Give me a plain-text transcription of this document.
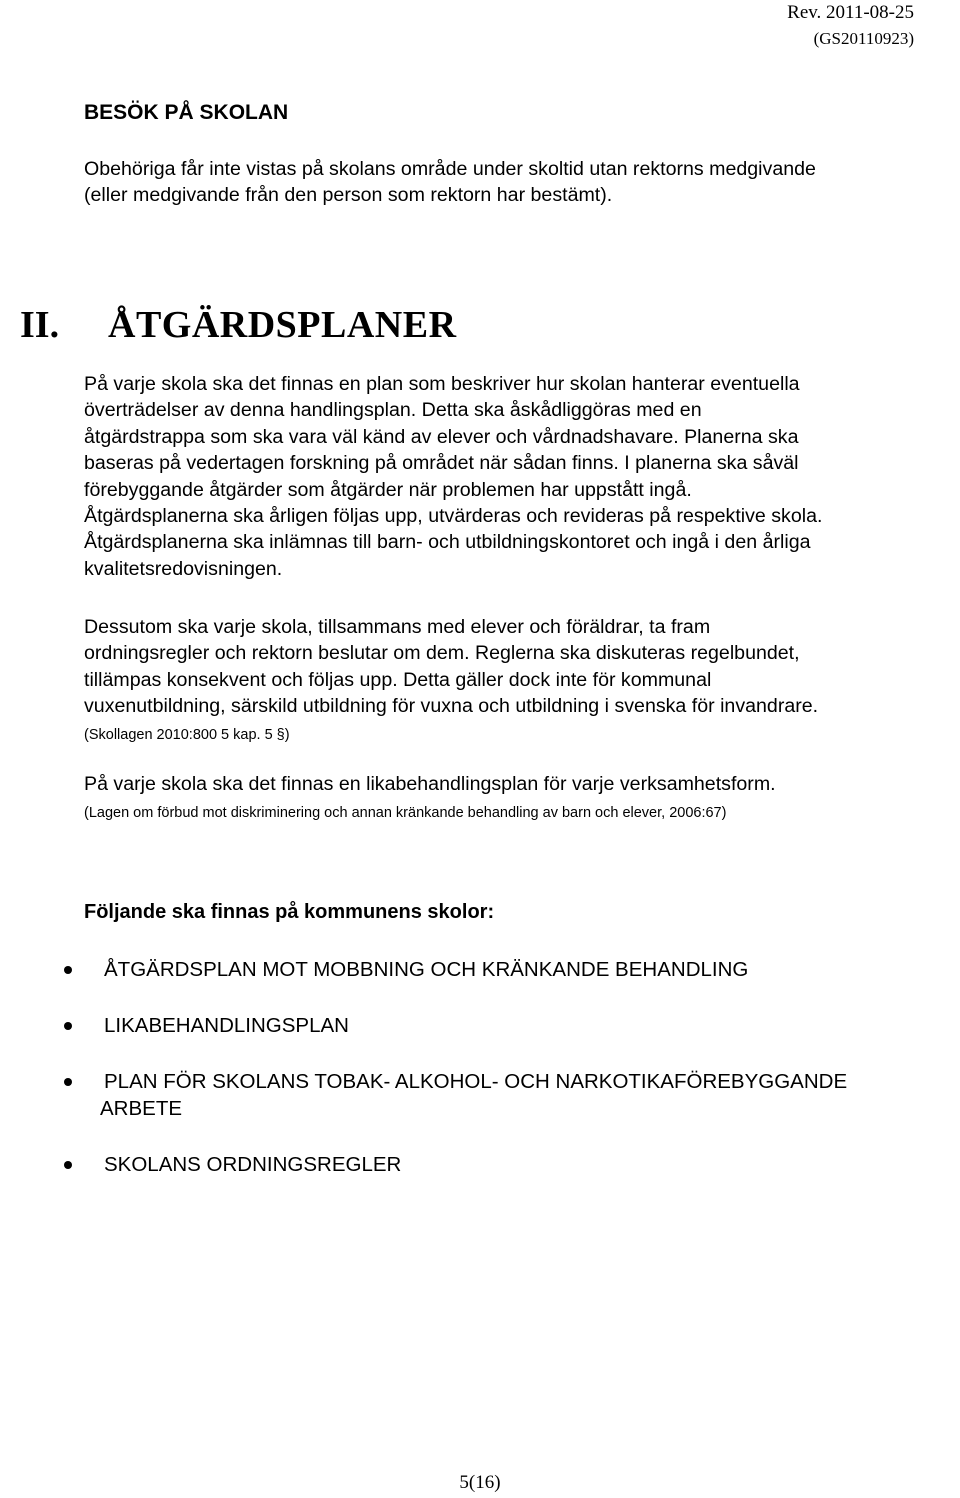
Rev. 2011-08-25
(GS20110923)
BESÖK PÅ SKOLAN
Obehöriga får inte vistas på skolans område under skoltid utan rektorns medgivande
(eller medgivande från den person som rektorn har bestämt).
II. ÅTGÄRDSPLANER
På varje skola ska det finnas en plan som beskriver hur skolan hanterar eventuella
överträdelser av denna handlingsplan. Detta ska åskådliggöras med en
åtgärdstrappa som ska vara väl känd av elever och vårdnadshavare. Planerna ska
baseras på vedertagen forskning på området när sådan finns. I planerna ska såväl
förebyggande åtgärder som åtgärder när problemen har uppstått ingå.
Åtgärdsplanerna ska årligen följas upp, utvärderas och revideras på respektive skola.
Åtgärdsplanerna ska inlämnas till barn- och utbildningskontoret och ingå i den årliga
kvalitetsredovisningen.
Dessutom ska varje skola, tillsammans med elever och föräldrar, ta fram
ordningsregler och rektorn beslutar om dem. Reglerna ska diskuteras regelbundet,
tillämpas konsekvent och följas upp. Detta gäller dock inte för kommunal
vuxenutbildning, särskild utbildning för vuxna och utbildning i svenska för invandrare.
(Skollagen 2010:800 5 kap. 5 §)
På varje skola ska det finnas en likabehandlingsplan för varje verksamhetsform.
(Lagen om förbud mot diskriminering och annan kränkande behandling av barn och elever, 2006:67)
Följande ska finnas på kommunens skolor:
ÅTGÄRDSPLAN MOT MOBBNING OCH KRÄNKANDE BEHANDLING
LIKABEHANDLINGSPLAN
PLAN FÖR SKOLANS TOBAK- ALKOHOL- OCH NARKOTIKAFÖREBYGGANDE
ARBETE
SKOLANS ORDNINGSREGLER
5(16)
